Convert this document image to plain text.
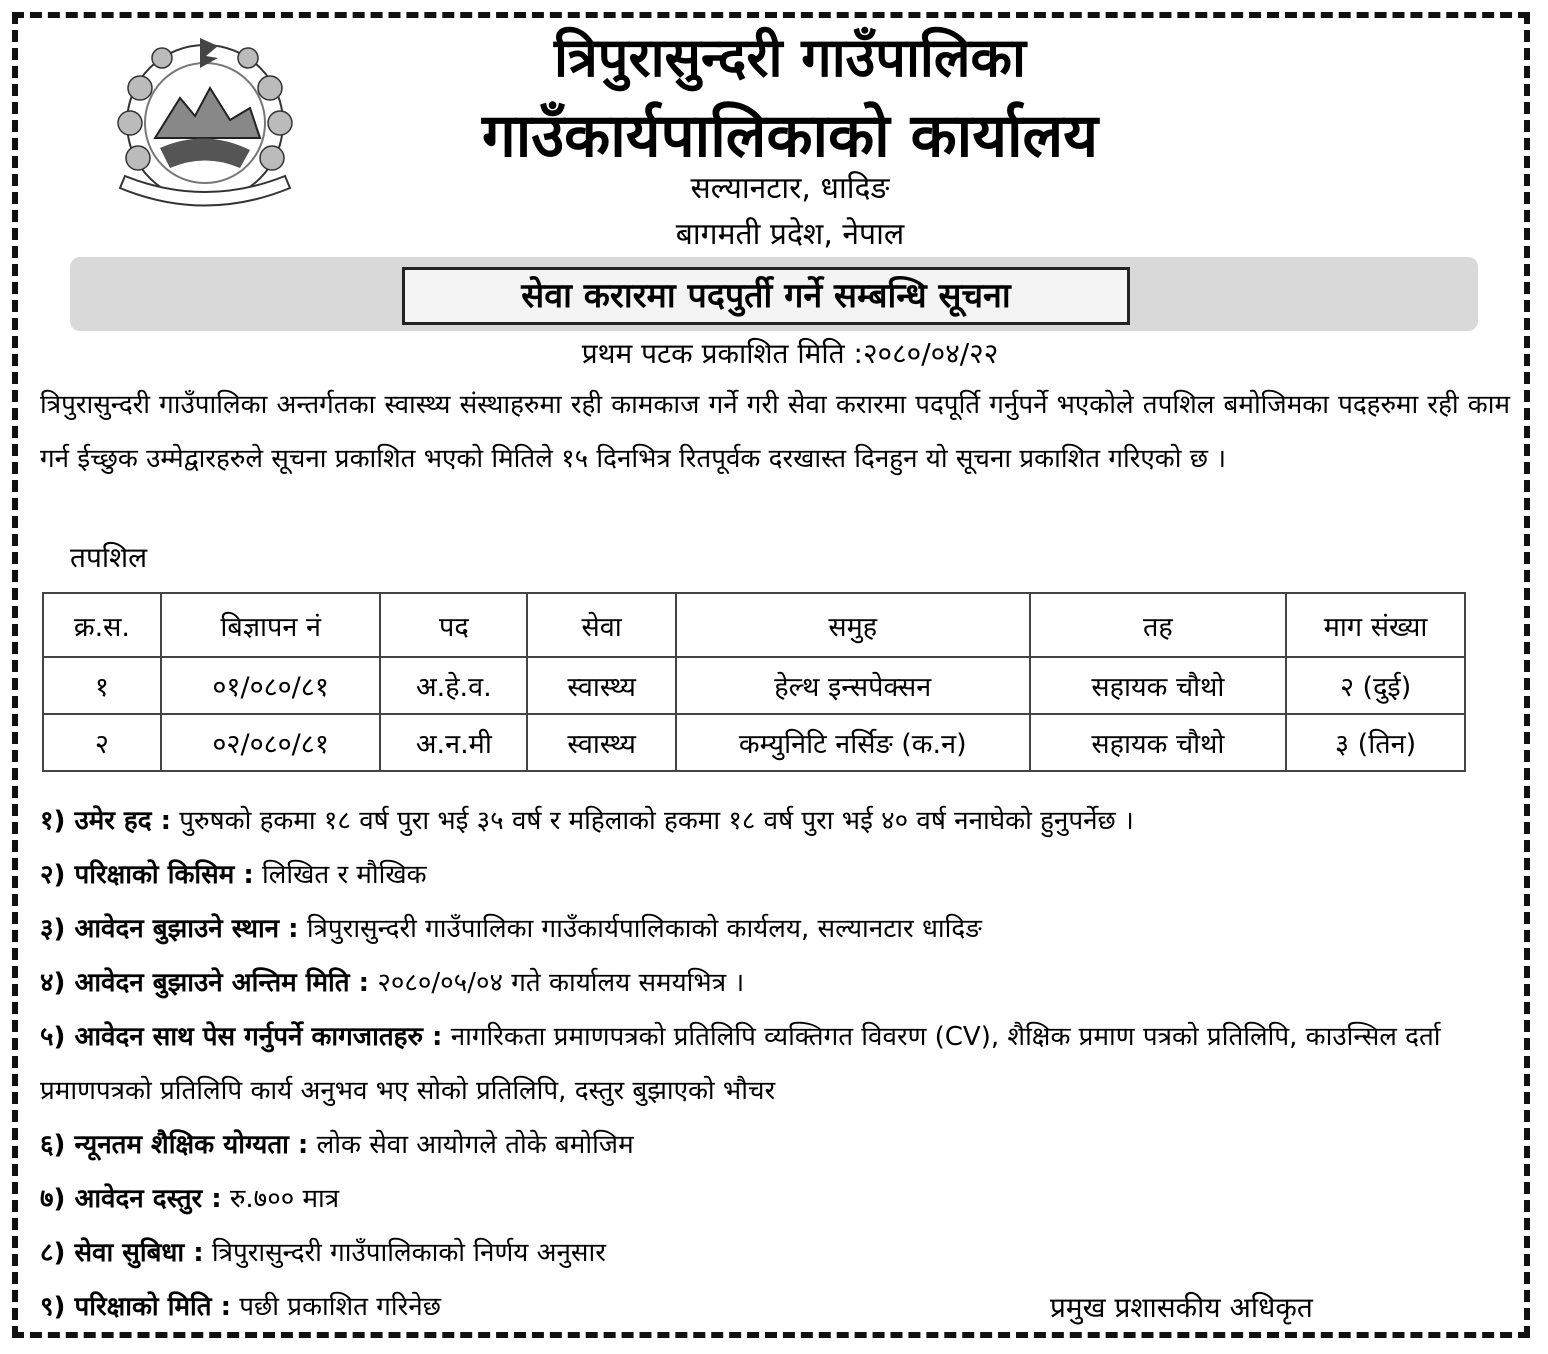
त्रिपुरासुन्दरी गाउँपालिका
गाउँकार्यपालिकाको कार्यालय
सल्यानटार, धादिङ
बागमती प्रदेश, नेपाल
सेवा करारमा पदपुर्ती गर्ने सम्बन्धि सूचना
प्रथम पटक प्रकाशित मिति :२०८०/०४/२२
त्रिपुरासुन्दरी गाउँपालिका अन्तर्गतका स्वास्थ्य संस्थाहरुमा रही कामकाज गर्ने गरी सेवा करारमा पदपूर्ति गर्नुपर्ने भएकोले तपशिल बमोजिमका पदहरुमा रही काम गर्न ईच्छुक उम्मेद्वारहरुले सूचना प्रकाशित भएको मितिले १५ दिनभित्र रितपूर्वक दरखास्त दिनहुन यो सूचना प्रकाशित गरिएको छ ।
तपशिल
क्र.स.	बिज्ञापन नं	पद	सेवा	समुह	तह	माग संख्या
१	०१/०८०/८१	अ.हे.व.	स्वास्थ्य	हेल्थ इन्सपेक्सन	सहायक चौथो	२ (दुई)
२	०२/०८०/८१	अ.न.मी	स्वास्थ्य	कम्युनिटि नर्सिङ (क.न)	सहायक चौथो	३ (तिन)
१) उमेर हद : पुरुषको हकमा १८ वर्ष पुरा भई ३५ वर्ष र महिलाको हकमा १८ वर्ष पुरा भई ४० वर्ष ननाघेको हुनुपर्नेछ ।
२) परिक्षाको किसिम : लिखित र मौखिक
३) आवेदन बुझाउने स्थान : त्रिपुरासुन्दरी गाउँपालिका गाउँकार्यपालिकाको कार्यलय, सल्यानटार धादिङ
४) आवेदन बुझाउने अन्तिम मिति : २०८०/०५/०४ गते कार्यालय समयभित्र ।
५) आवेदन साथ पेस गर्नुपर्ने कागजातहरु : नागरिकता प्रमाणपत्रको प्रतिलिपि व्यक्तिगत विवरण (CV), शैक्षिक प्रमाण पत्रको प्रतिलिपि, काउन्सिल दर्ता प्रमाणपत्रको प्रतिलिपि कार्य अनुभव भए सोको प्रतिलिपि, दस्तुर बुझाएको भौचर
६) न्यूनतम शैक्षिक योग्यता : लोक सेवा आयोगले तोके बमोजिम
७) आवेदन दस्तुर : रु.७०० मात्र
८) सेवा सुबिधा : त्रिपुरासुन्दरी गाउँपालिकाको निर्णय अनुसार
९) परिक्षाको मिति : पछी प्रकाशित गरिनेछ	प्रमुख प्रशासकीय अधिकृत
